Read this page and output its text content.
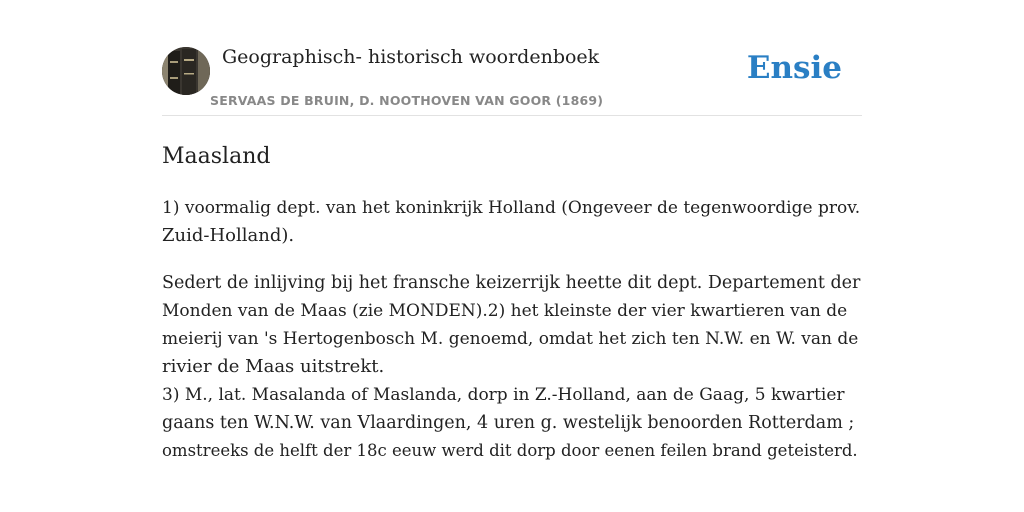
Geographisch- historisch woordenboek
SERVAAS DE BRUIN, D. NOOTHOVEN VAN GOOR (1869)
Ensie
Maasland

1) voormalig dept. van het koninkrijk Holland (Ongeveer de tegenwoordige prov.
Zuid-Holland).

Sedert de inlijving bij het fransche keizerrijk heette dit dept. Departement der
Monden van de Maas (zie MONDEN).2) het kleinste der vier kwartieren van de
meierij van 's Hertogenbosch M. genoemd, omdat het zich ten N.W. en W. van de
rivier de Maas uitstrekt.
3) M., lat. Masalanda of Maslanda, dorp in Z.-Holland, aan de Gaag, 5 kwartier
gaans ten W.N.W. van Vlaardingen, 4 uren g. westelijk benoorden Rotterdam ;
omstreeks de helft der 18c eeuw werd dit dorp door eenen feilen brand geteisterd.
